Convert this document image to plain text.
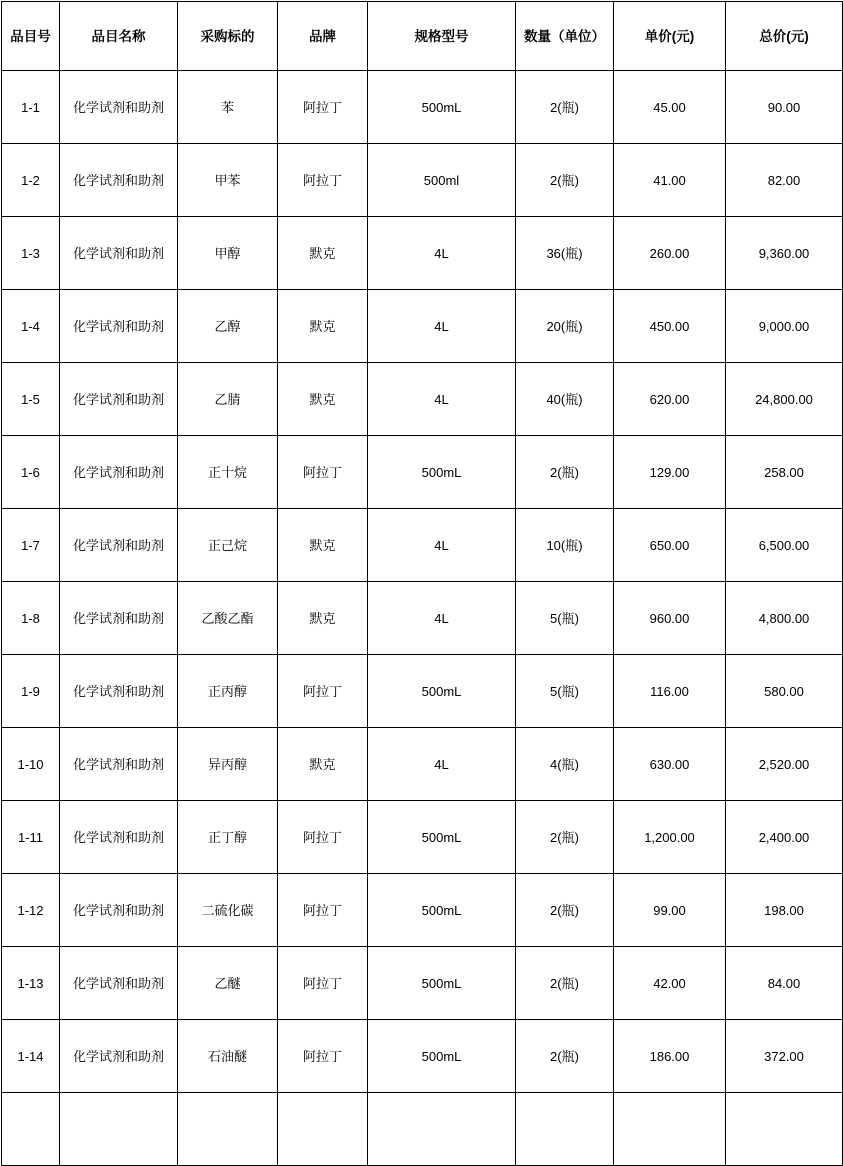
品目号	品目名称	采购标的	品牌	规格型号	数量（单位）	单价(元)	总价(元)
1-1	化学试剂和助剂	苯	阿拉丁	500mL	2(瓶)	45.00	90.00
1-2	化学试剂和助剂	甲苯	阿拉丁	500ml	2(瓶)	41.00	82.00
1-3	化学试剂和助剂	甲醇	默克	4L	36(瓶)	260.00	9,360.00
1-4	化学试剂和助剂	乙醇	默克	4L	20(瓶)	450.00	9,000.00
1-5	化学试剂和助剂	乙腈	默克	4L	40(瓶)	620.00	24,800.00
1-6	化学试剂和助剂	正十烷	阿拉丁	500mL	2(瓶)	129.00	258.00
1-7	化学试剂和助剂	正己烷	默克	4L	10(瓶)	650.00	6,500.00
1-8	化学试剂和助剂	乙酸乙酯	默克	4L	5(瓶)	960.00	4,800.00
1-9	化学试剂和助剂	正丙醇	阿拉丁	500mL	5(瓶)	116.00	580.00
1-10	化学试剂和助剂	异丙醇	默克	4L	4(瓶)	630.00	2,520.00
1-11	化学试剂和助剂	正丁醇	阿拉丁	500mL	2(瓶)	1,200.00	2,400.00
1-12	化学试剂和助剂	二硫化碳	阿拉丁	500mL	2(瓶)	99.00	198.00
1-13	化学试剂和助剂	乙醚	阿拉丁	500mL	2(瓶)	42.00	84.00
1-14	化学试剂和助剂	石油醚	阿拉丁	500mL	2(瓶)	186.00	372.00
